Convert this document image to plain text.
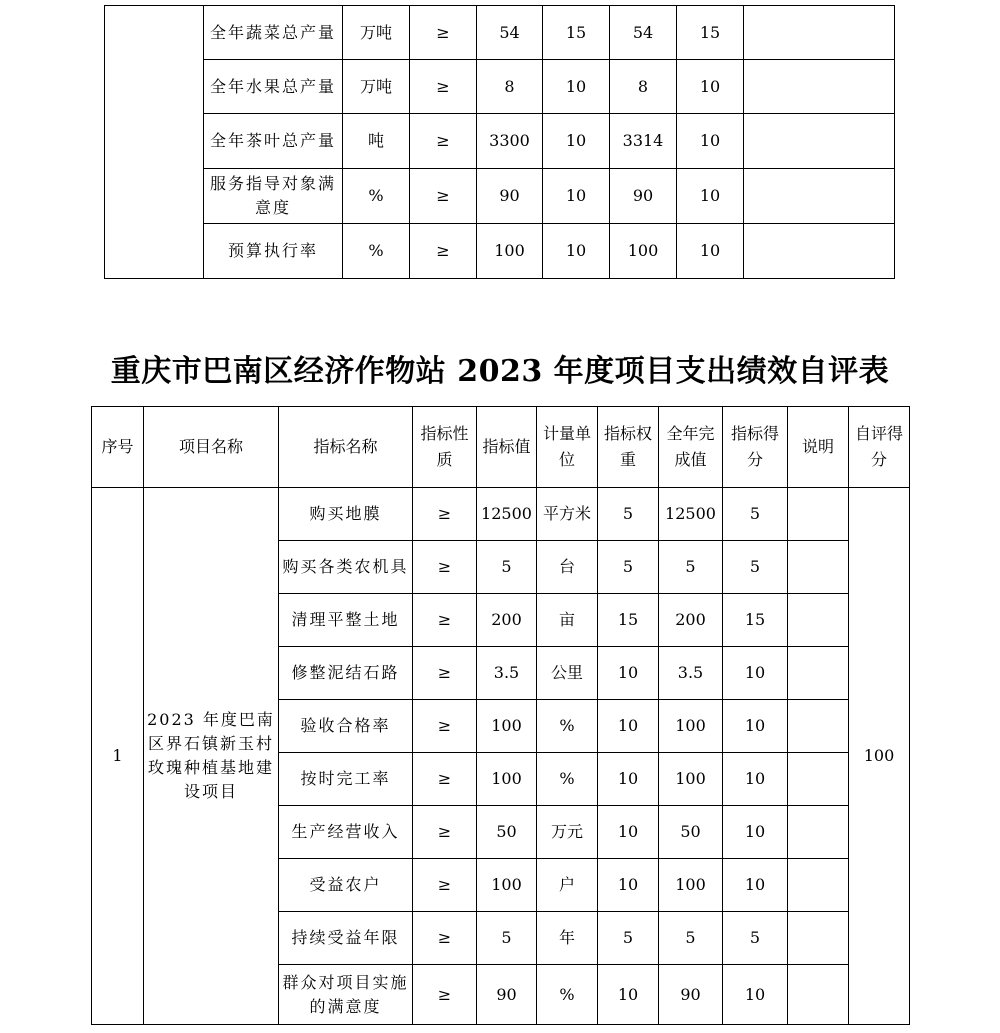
	全年蔬菜总产量	万吨	≥	54	15	54	15	
	全年水果总产量	万吨	≥	8	10	8	10	
	全年茶叶总产量	吨	≥	3300	10	3314	10	
	服务指导对象满意度	%	≥	90	10	90	10	
	预算执行率	%	≥	100	10	100	10	
重庆市巴南区经济作物站 2023 年度项目支出绩效自评表
序号	项目名称	指标名称	指标性质	指标值	计量单位	指标权重	全年完成值	指标得分	说明	自评得分
1	2023 年度巴南区界石镇新玉村玫瑰种植基地建设项目	购买地膜	≥	12500	平方米	5	12500	5		100
		购买各类农机具	≥	5	台	5	5	5		
		清理平整土地	≥	200	亩	15	200	15		
		修整泥结石路	≥	3.5	公里	10	3.5	10		
		验收合格率	≥	100	%	10	100	10		
		按时完工率	≥	100	%	10	100	10		
		生产经营收入	≥	50	万元	10	50	10		
		受益农户	≥	100	户	10	100	10		
		持续受益年限	≥	5	年	5	5	5		
		群众对项目实施的满意度	≥	90	%	10	90	10		
